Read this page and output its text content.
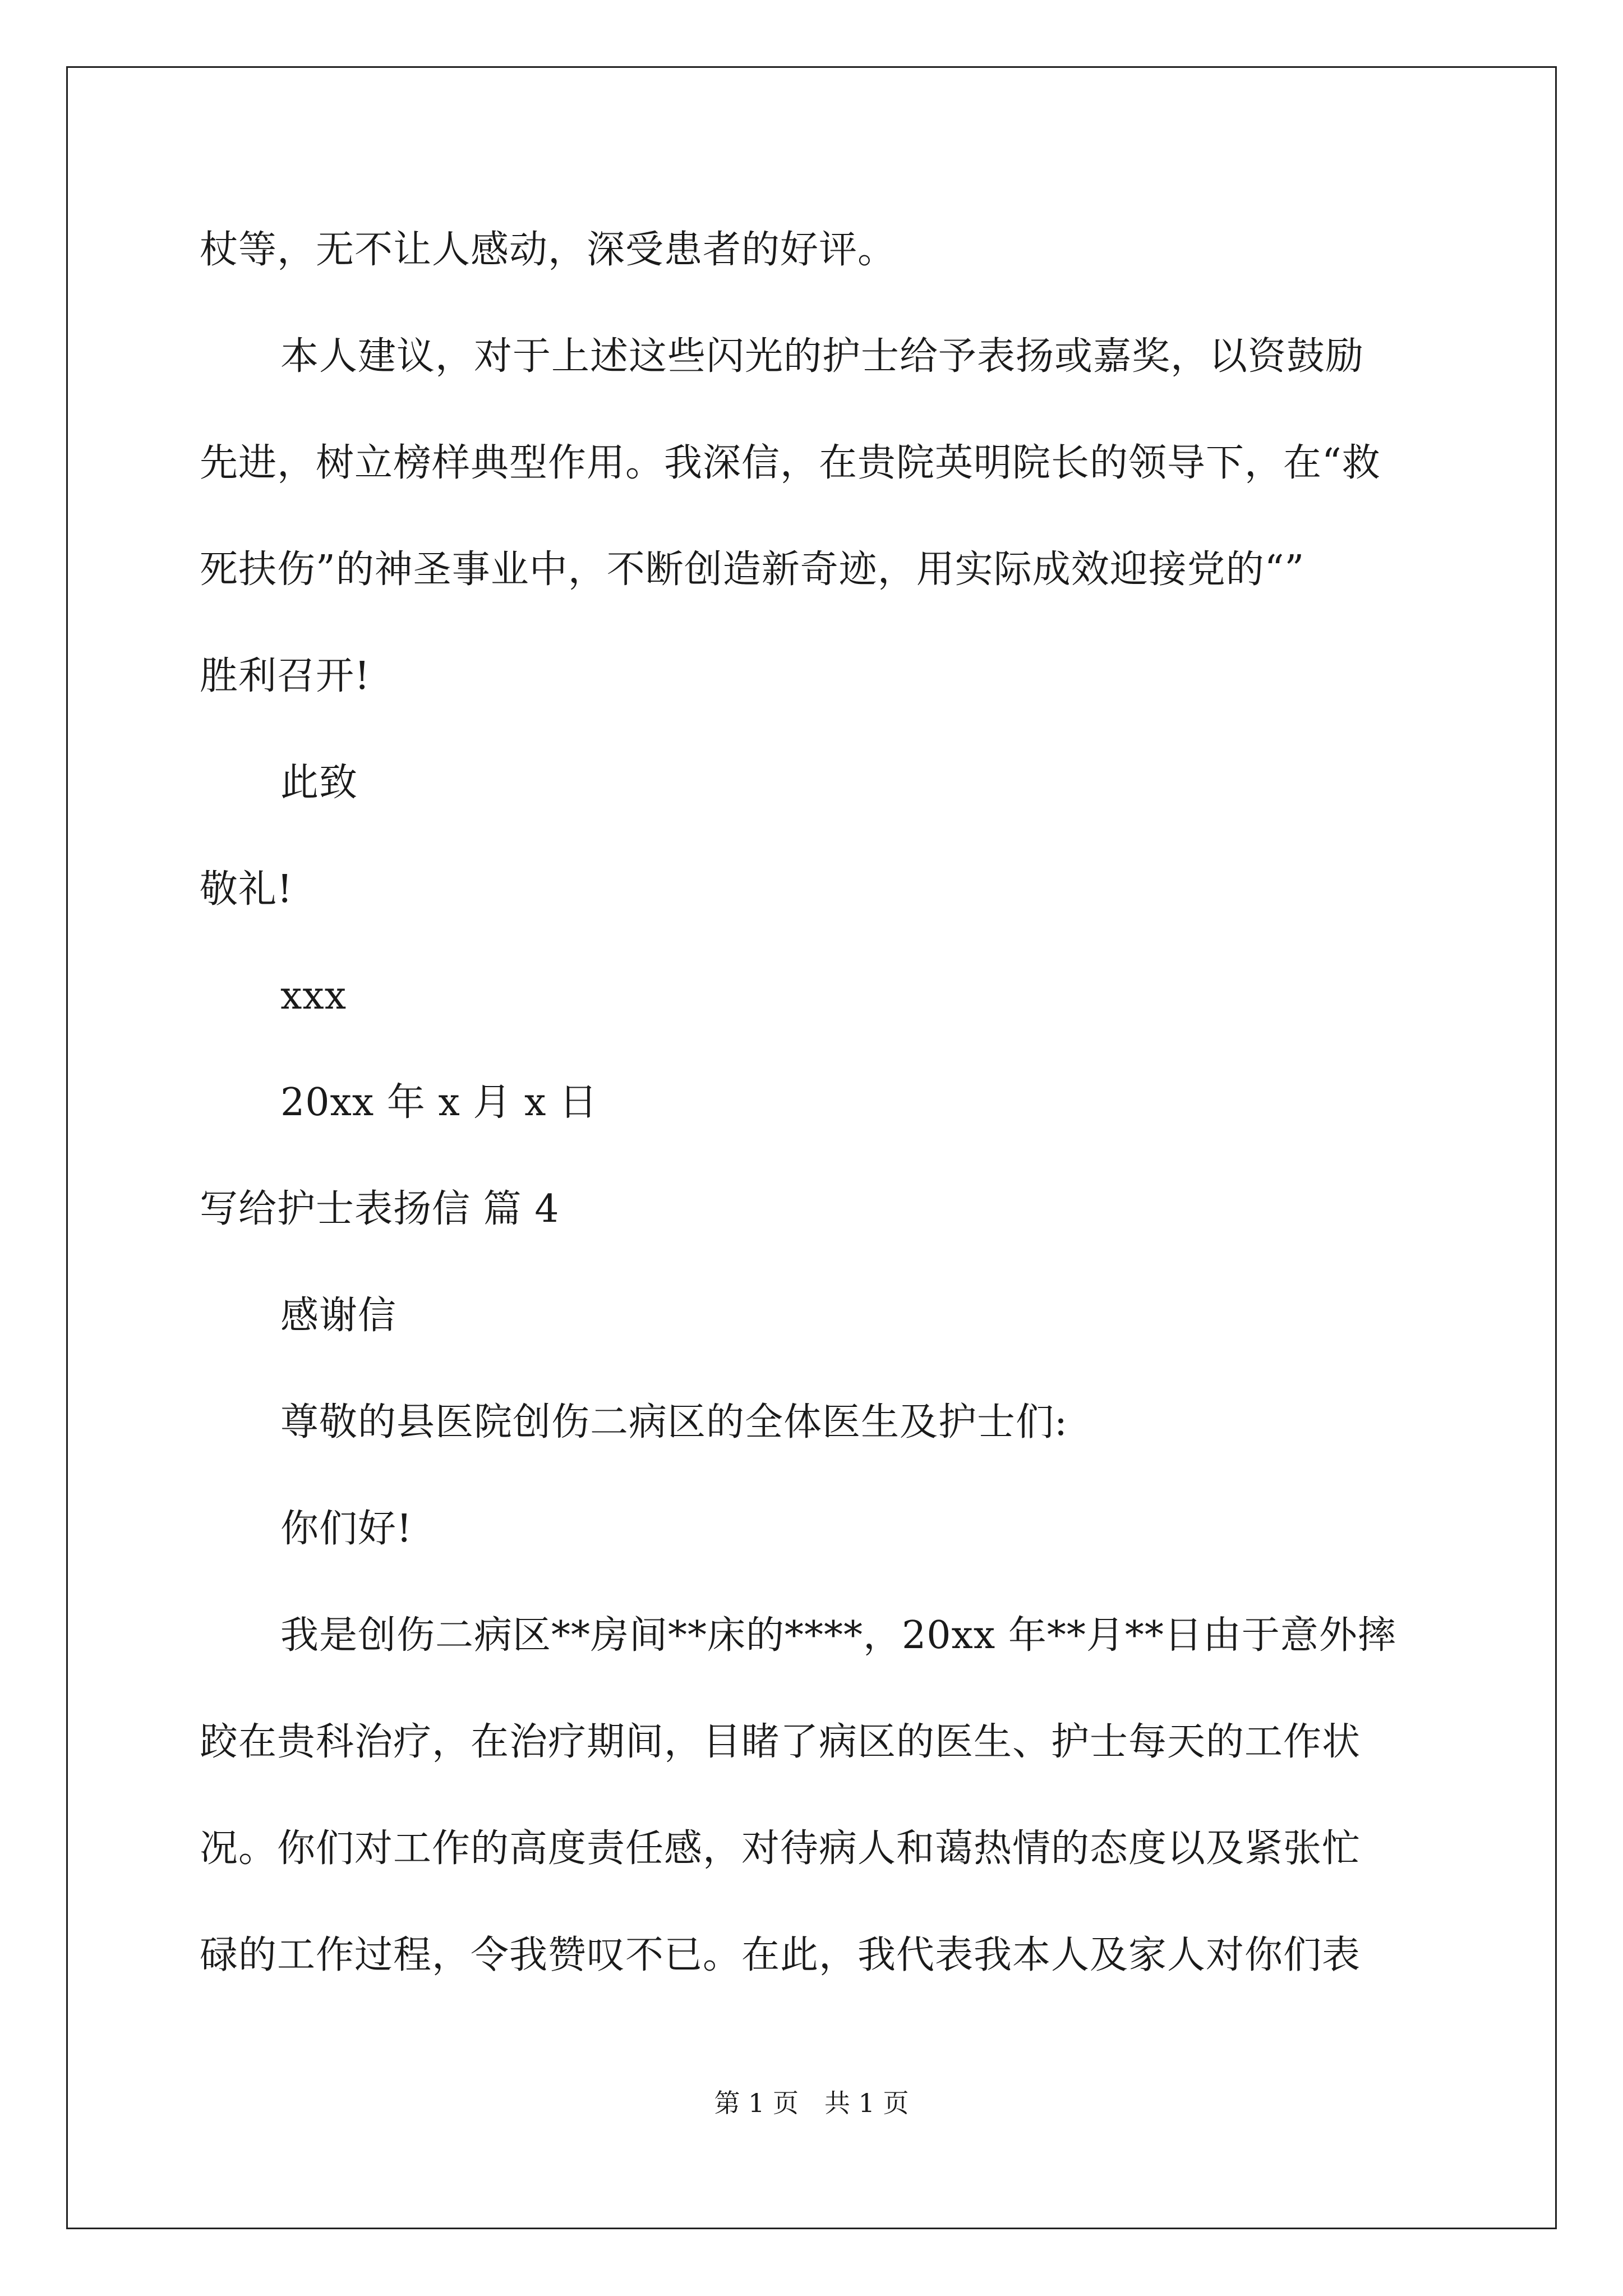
杖等，无不让人感动，深受患者的好评。
本人建议，对于上述这些闪光的护士给予表扬或嘉奖，以资鼓励
先进，树立榜样典型作用。我深信，在贵院英明院长的领导下，在“救
死扶伤”的神圣事业中，不断创造新奇迹，用实际成效迎接党的“”
胜利召开!
此致
敬礼!
xxx
20xx 年 x 月 x 日
写给护士表扬信 篇 4
感谢信
尊敬的县医院创伤二病区的全体医生及护士们:
你们好!
我是创伤二病区**房间**床的****，20xx 年**月**日由于意外摔
跤在贵科治疗，在治疗期间，目睹了病区的医生、护士每天的工作状
况。你们对工作的高度责任感，对待病人和蔼热情的态度以及紧张忙
碌的工作过程，令我赞叹不已。在此，我代表我本人及家人对你们表
第 1 页　共 1 页
